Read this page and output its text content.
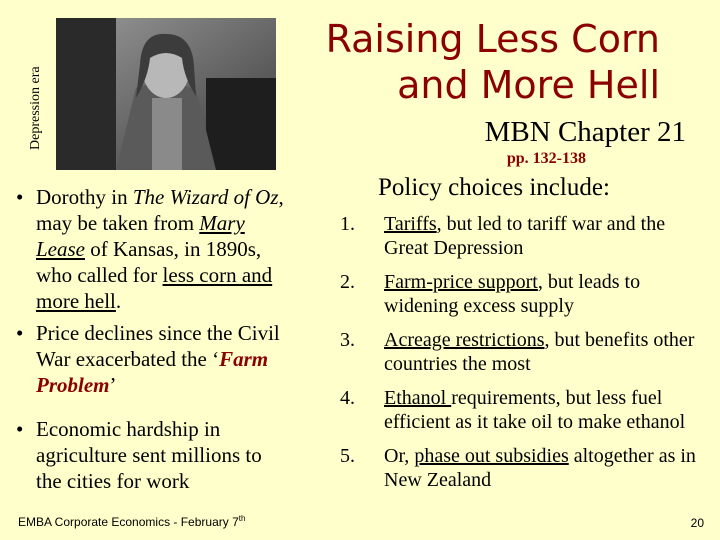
Depression era
Raising Less Corn
and More Hell
MBN Chapter 21
pp. 132-138
• Dorothy in The Wizard of Oz, may be taken from Mary Lease of Kansas, in 1890s, who called for less corn and more hell.
• Price declines since the Civil War exacerbated the ‘Farm Problem’
• Economic hardship in agriculture sent millions to the cities for work
Policy choices include:
1. Tariffs, but led to tariff war and the Great Depression
2. Farm-price support, but leads to widening excess supply
3. Acreage restrictions, but benefits other countries the most
4. Ethanol requirements, but less fuel efficient as it take oil to make ethanol
5. Or, phase out subsidies altogether as in New Zealand
EMBA Corporate Economics - February 7th	20
